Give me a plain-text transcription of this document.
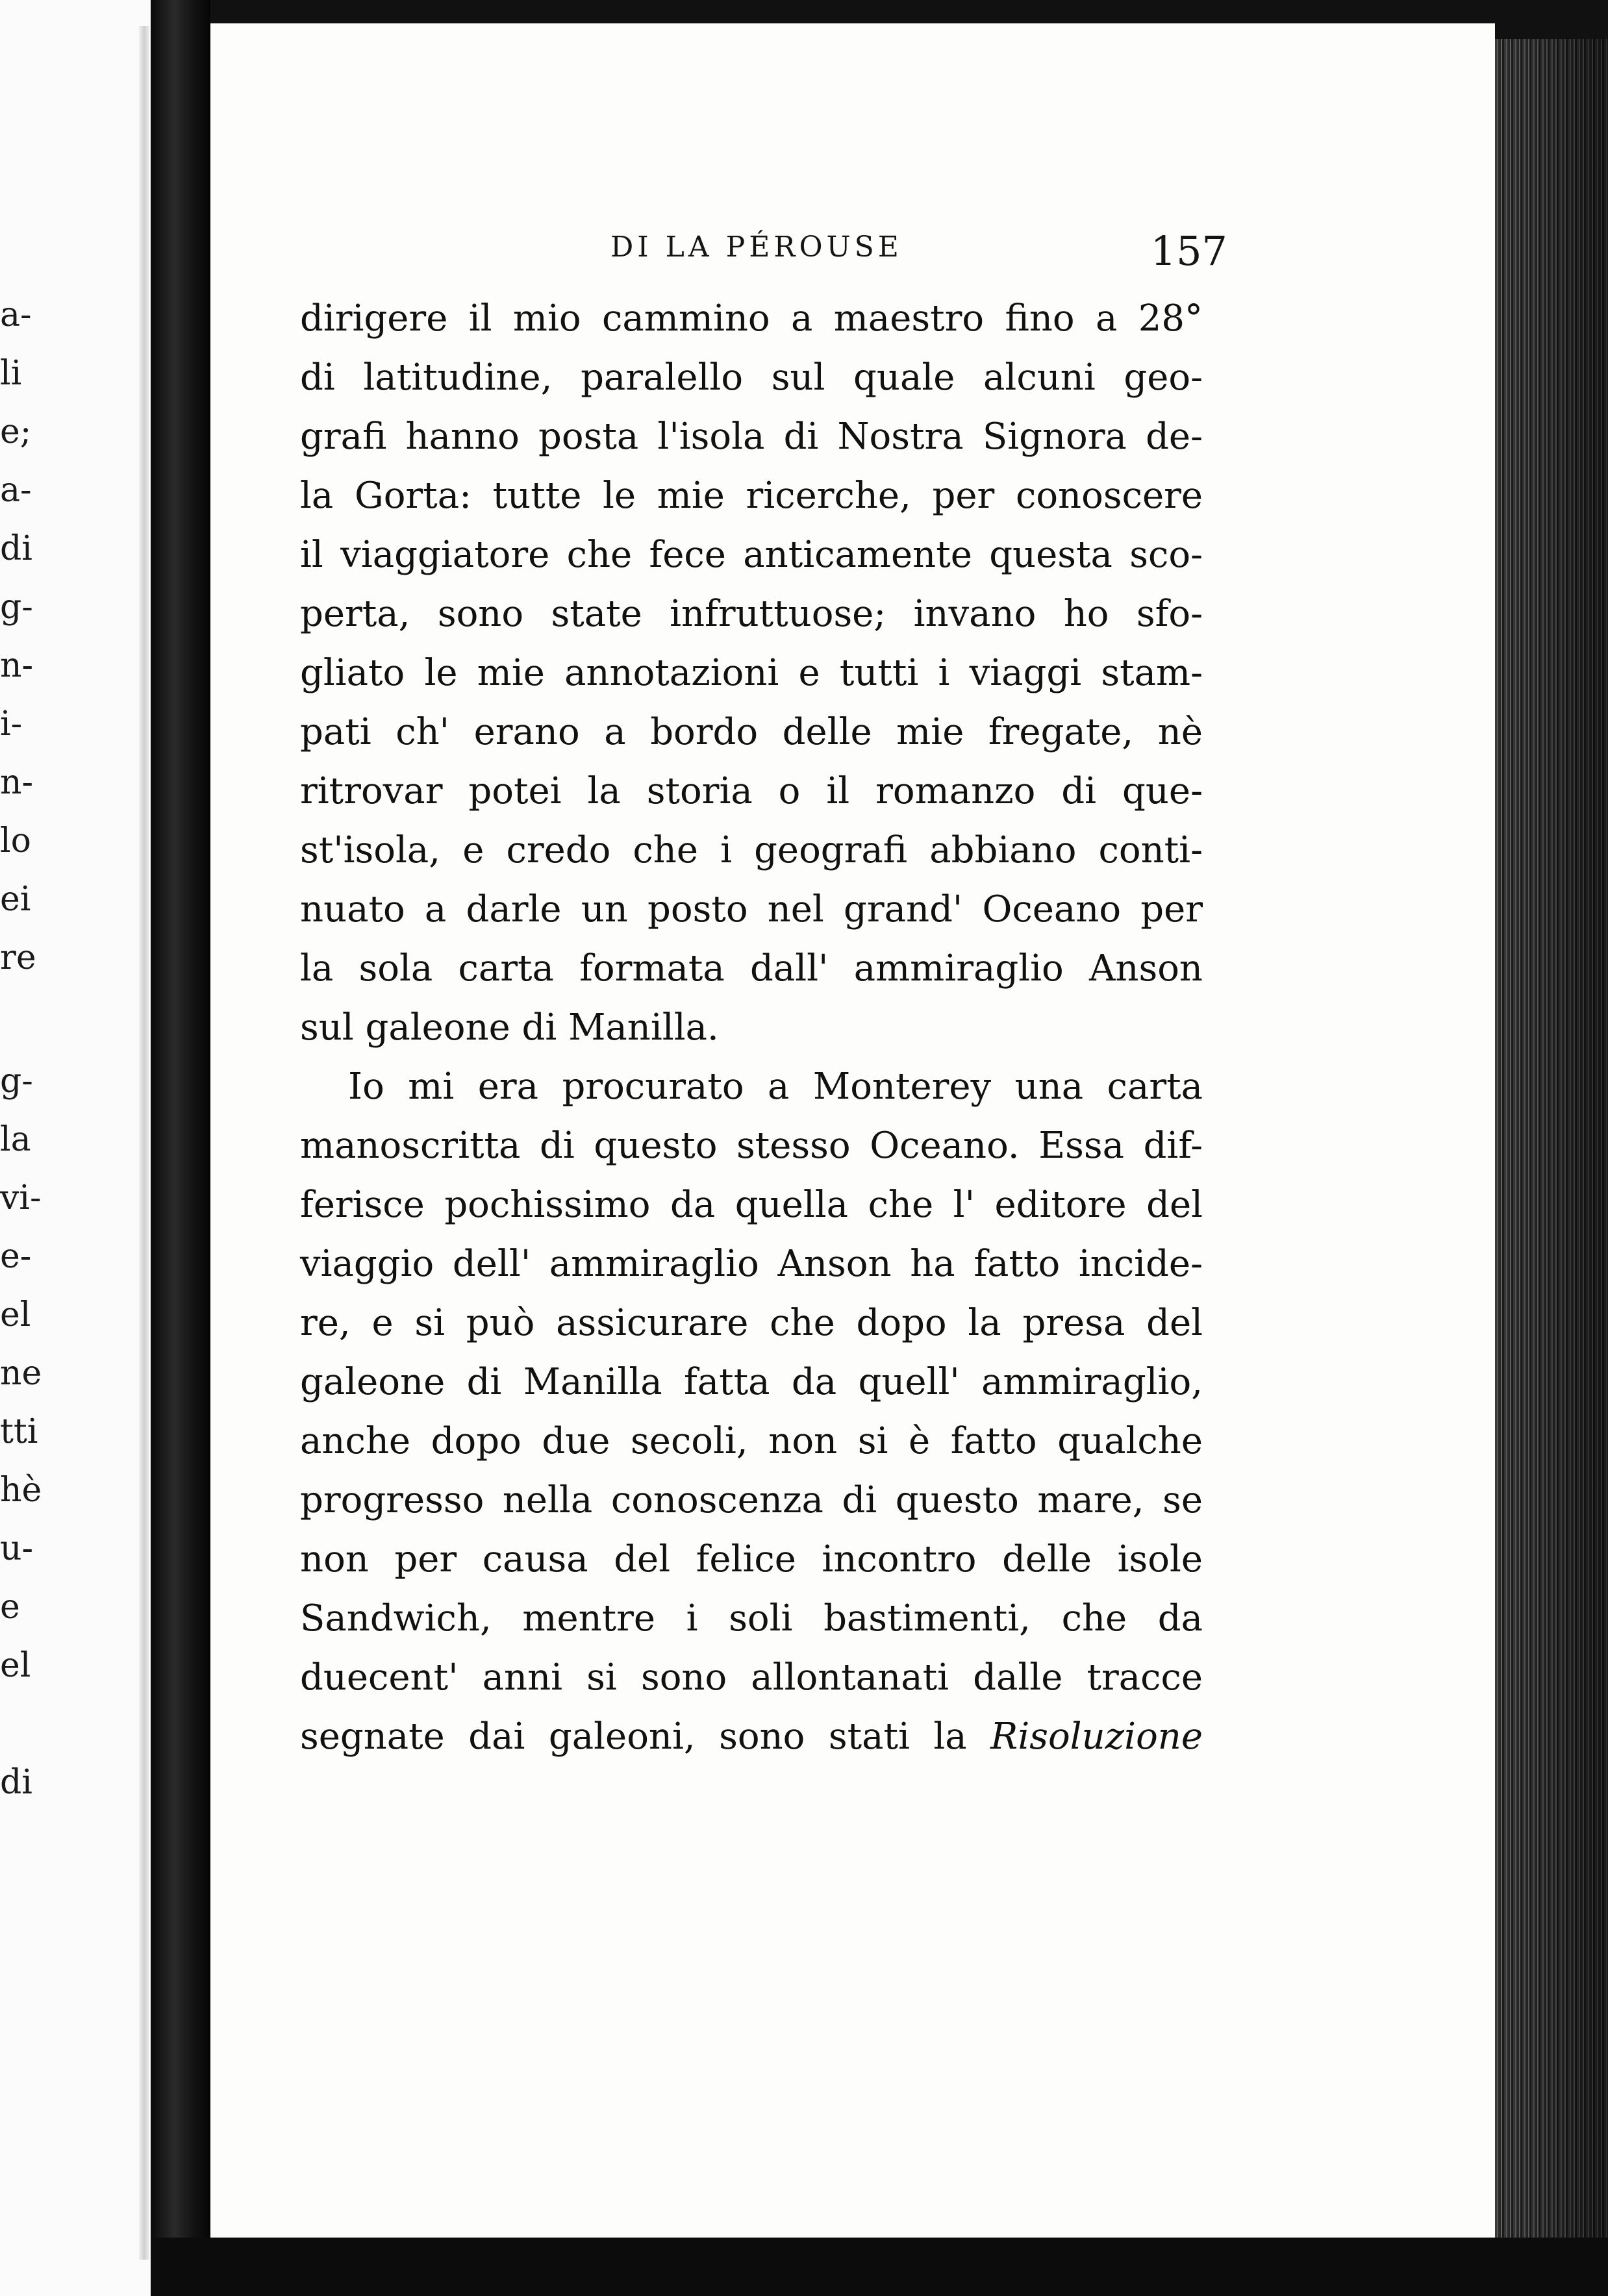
a-
li
e;
a-
di
g-
n-
i-
n-
lo
ei
re
g-
la
vi-
e-
el
ne
tti
hè
u-
e
el
di
DI LA PÉROUSE	157
dirigere il mio cammino a maestro fino a 28°
di latitudine, paralello sul quale alcuni geo-
grafi hanno posta l'isola di Nostra Signora de-
la Gorta: tutte le mie ricerche, per conoscere
il viaggiatore che fece anticamente questa sco-
perta, sono state infruttuose; invano ho sfo-
gliato le mie annotazioni e tutti i viaggi stam-
pati ch' erano a bordo delle mie fregate, nè
ritrovar potei la storia o il romanzo di que-
st'isola, e credo che i geografi abbiano conti-
nuato a darle un posto nel grand' Oceano per
la sola carta formata dall' ammiraglio Anson
sul galeone di Manilla.
Io mi era procurato a Monterey una carta
manoscritta di questo stesso Oceano. Essa dif-
ferisce pochissimo da quella che l' editore del
viaggio dell' ammiraglio Anson ha fatto incide-
re, e si può assicurare che dopo la presa del
galeone di Manilla fatta da quell' ammiraglio,
anche dopo due secoli, non si è fatto qualche
progresso nella conoscenza di questo mare, se
non per causa del felice incontro delle isole
Sandwich, mentre i soli bastimenti, che da
duecent' anni si sono allontanati dalle tracce
segnate dai galeoni, sono stati la Risoluzione
